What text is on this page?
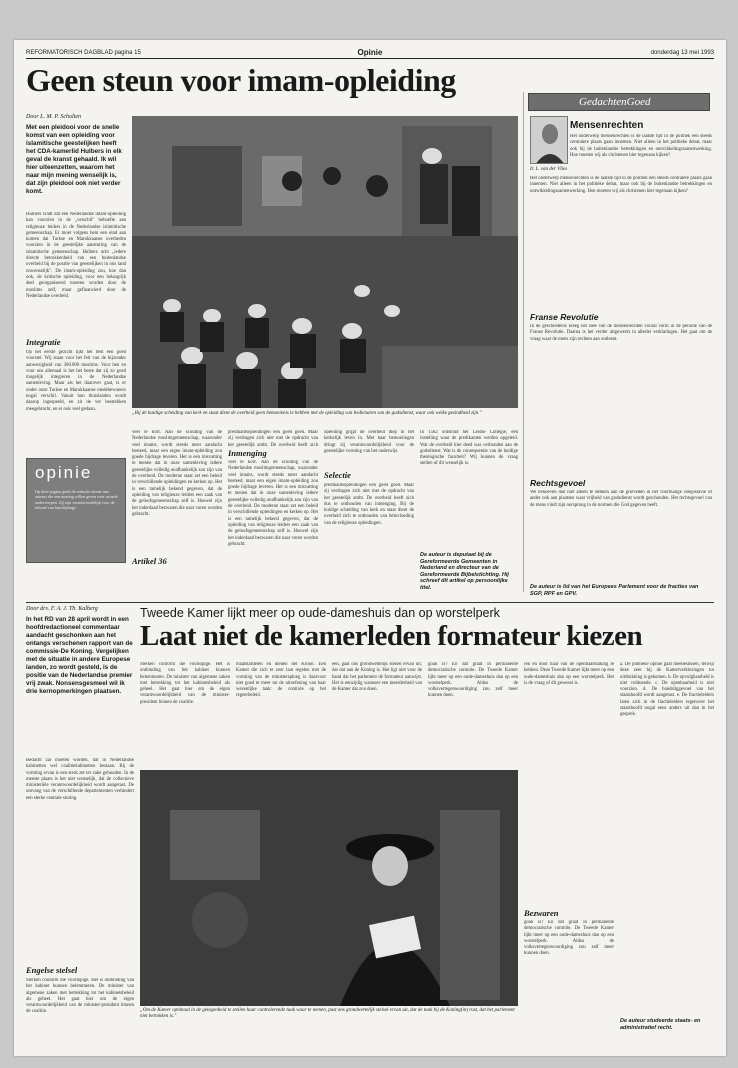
REFORMATORISCH DAGBLAD pagina 15	Opinie	donderdag 13 mei 1993
Geen steun voor imam-opleiding
Door L. M. P. Scholten
Met een pleidooi voor de snelle komst van een opleiding voor islamitische geestelijken heeft het CDA-kamerlid Hulbers in elk geval de kranst gehaald. Ik wil hier uiteenzetten, waarom het naar mijn mening wenselijk is, dat zijn pleidooi ook niet verder komt.
Hulbers vindt dat een Nederlandse imam-opleiding kan voorzien in de „verschil" behoefte aan religieuze leiders in de Nederlandse islamitische gemeenschap. Er moet volgens hem een eind aan komen dat Turkse en Marokkaanse overheden voorzien in de geestelijke aansturing van de islamitische gemeenschap. Hulbers acht „iedere directe betrokkenheid van een buitenlandse overheid bij de positie van geestelijken in ons land onwenselijk". De imam-opleiding zou, hoe dan ook, de kritische opleiding, voor een belangrijk deel georganiseerd moeten worden door de moslims zelf, maar gefinancierd door de Nederlandse overheid.
Integratie
Op het eerste gezicht lijkt het best een goed voorstel. Wij staan voor het feit van de bijzonder aanwezigheid van 300.000 moslims. Voor hen en voor ons allemaal is het het beste dat zij zo goed mogelijk integreren in de Nederlandse samenleving. Maar als het daarover gaat, is er onder onze Turkse en Marokkaanse medebewoners nogal verschil. Vanuit hun thuislanden wordt daarop ingespeeld, en zit de ver bestrekken meegebracht, en er ook veel gedaan.
opinie
Op deze pagina geeft de redactie ruimte aan auteurs die een mening willen geven over actuele onderwerpen. Zij zijn verantwoordelijk voor de inhoud van hun bijdrage.
„Bij de huidige scheiding van kerk en staat dient de overheid geen bemoeienis te hebben met de opleiding van bedienaren van de godsdienst, waar ook welke gezindheid zijn."
veel te kort. Aan de scouting van de Nederlandse moslimgemeenschap, waaronder veel imams, wordt steeds meer aandacht besteed, maar een eigen imam-opleiding zou goede bijdrage leveren. Het is een misvatting te menen dat in onze samenleving iedere geestelijke volledig onafhankelijk zou zijn van de overheid. De moderne staat zet een beleid in verschillende opleidingen en kerken op. Het is een tamelijk bekend gegeven, dat de opleiding van religieuze leiders een zaak van de geloofsgemeenschap zelf is. Hoewel zijn het inderdaad bezwaren die naar voren worden gebracht.
Inmenging
predikantsopleidingen een goed goed. Maar zij verdragen zich niet met de opdracht van het geestelijk ambt. De overheid heeft zich
Artikel 36
veel te kort. Aan de scouting van de Nederlandse moslimgemeenschap, waaronder veel imams, wordt steeds meer aandacht besteed, maar een eigen imam-opleiding zou goede bijdrage leveren. Het is een misvatting te menen dat in onze samenleving iedere geestelijke volledig onafhankelijk zou zijn van de overheid. De moderne staat zet een beleid in verschillende opleidingen en kerken op. Het is een tamelijk bekend gegeven, dat de opleiding van religieuze leiders een zaak van de geloofsgemeenschap zelf is. Hoewel zijn het inderdaad bezwaren die naar voren worden gebracht.
opleiding grijpt de overheid diep in het kerkelijk leven in. Met haar bemoeiingen dringt zij verantwoordelijkheid voor de geestelijke vorming van het onderwijs.
Selectie
predikantsopleidingen een goed goed. Maar zij verdragen zich niet met de opdracht van het geestelijk ambt. De overheid heeft zich dus te onthouden van inmenging. Bij de huidige scheiding van kerk en staat dient de overheid zich te onthouden van beïnvloeding van de religieuze opleidingen.
In 1582 ontstond het Leidse Collegie, een instelling waar de predikanten werden opgeleid. Wat de overheid hier deed was verbonden aan de godsdienst. Wat is de consequentie van de huidige theologische faculteit? Wij kunnen de vraag stellen of dit wenselijk is.
De auteur is deputaat bij de Gereformeerde Gemeenten in Nederland en directeur van de Gereformeerde Bijbelstichting. Hij schreef dit artikel op persoonlijke titel.
GedachtenGoed
Mensenrechten
Ir. L. van der Vlies
Het onderwerp mensenrechten is de laatste tijd in de politiek een steeds centralere plaats gaan innemen. Niet alleen in het politieke debat, maar ook bij de buitenlandse betrekkingen en ontwikkelingssamenwerking. Hoe moeten wij als christenen hier tegenaan kijken?
Het onderwerp mensenrechten is de laatste tijd in de politiek een steeds centralere plaats gaan innemen. Niet alleen in het politieke debat, maar ook bij de buitenlandse betrekkingen en ontwikkelingssamenwerking. Hoe moeten wij als christenen hier tegenaan kijken?
Franse Revolutie
In de geschiedenis kreeg het idee van de mensenrechten vooral vorm in de periode van de Franse Revolutie. Daarna is het verder uitgewerkt in allerlei verklaringen. Het gaat om de vraag waar de mens zijn rechten aan ontleent.
Rechtsgevoel
We behoeven dan niet alleen te denken aan de grieveden in het voormalige Joegoslavië of ander ook aan plaatsen waar vrijheid van godsdienst wordt geschonden. Het rechtsgevoel van de mens vindt zijn oorsprong in de normen die God gegeven heeft.
De auteur is lid van het Europees Parlement voor de fracties van SGP, RPF en GPV.
Door drs. F. A. J. Th. Kalberg
In het RD van 28 april wordt in een hoofdredactioneel commentaar aandacht geschonken aan het ontangs verschenen rapport van de commissie-De Koning. Vergelijken met de situatie in andere Europese landen, zo wordt gesteld, is de positie van de Nederlandse premier vrij zwak. Nonsensgesmeel wil ik drie kernopmerkingen plaatsen.
Bedacht zal moeten worden, dat in Nederlandse kabinetten wel coalitiekabinetten bestaan. Bij de vorming ervan is een sterk zet ter zake gehouden. In de meeste plaats is het niet wenselijk, dat de collectieve ministeriële verantwoordelijkheid wordt aangetast. De omvang van de verschillende departementen verhindert een sterke centrale sturing.
Engelse stelsel
Sterken conform die voorlopige. Het is ontbinding van het kabinet kunnen belemmeren. De minister van algemene zaken met betrekking tot het kabinetsbeleid als geheel. Het gaat hier om de eigen verantwoordelijkheid van de minister-president binnen de coalitie.
Tweede Kamer lijkt meer op oude-dameshuis dan op worstelperk
Laat niet de kamerleden formateur kiezen
Sterken conform die voorlopige. Het is ontbinding van het kabinet kunnen belemmeren. De minister van algemene zaken met betrekking tot het kabinetsbeleid als geheel. Het gaat hier om de eigen verantwoordelijkheid van de minister-president binnen de coalitie.
maatstafdelen en dienen der Kroon. Een Kamer die zich te zeer laat regelen met de vorming van de ministersploeg is daarvoor niet goed te meer tot de uitoefening van haar wezenlijke taak: de controle op het regeerbeleid.
een, gaat ons grondwettelijk stelsel ervan uit, dat dat aan de Koning is. Het ligt niet voor de hand dat het parlement de formateur aanwijst. Het is eenzijdig wanneer een meerderheid van de Kamer dat zou doen.
goan is? En dat graaf in permanente democratische controle. De Tweede Kamer lijkt meer op een oude-dameshuis dan op een worstelperk. Aldus de volksvertegenwoordiging zou zelf meer kunnen doen.
ren en door haar van de openbaarmaking te hebben. Deze Tweede Kamer lijkt meer op een oude-dameshuis dan op een worstelperk. Het is de vraag of dit gewenst is.
Bezwaren
goan is? En dat graaf in permanente democratische controle. De Tweede Kamer lijkt meer op een oude-dameshuis dan op een worstelperk. Aldus de volksvertegenwoordiging zou zelf meer kunnen doen.
a. De publieke opinie gaat meebeslissen, terwijl deze zeer bij de Kamerverkiezingen tot uitdrukking is gekomen. b. De opvolgbaarheid is niet voldoende. c. De openbaarheid is niet voorzien. d. De bandsliggevoel van het staatshoofd wordt aangetast. e. De fractieleiders laten zich in de fractieleiders tegenover het staatshoofd nogal eens anders uit dan in het gesprek.
De auteur studeerde staats- en administratief recht.
„Om de Kamer optimaal in de gelegenheid te stellen haar controlerende taak waar te nemen, past ons grondwettelijk stelsel ervan uit, dat de taak bij de Koning(in) rust, dat het parlement niet betrokken is."
